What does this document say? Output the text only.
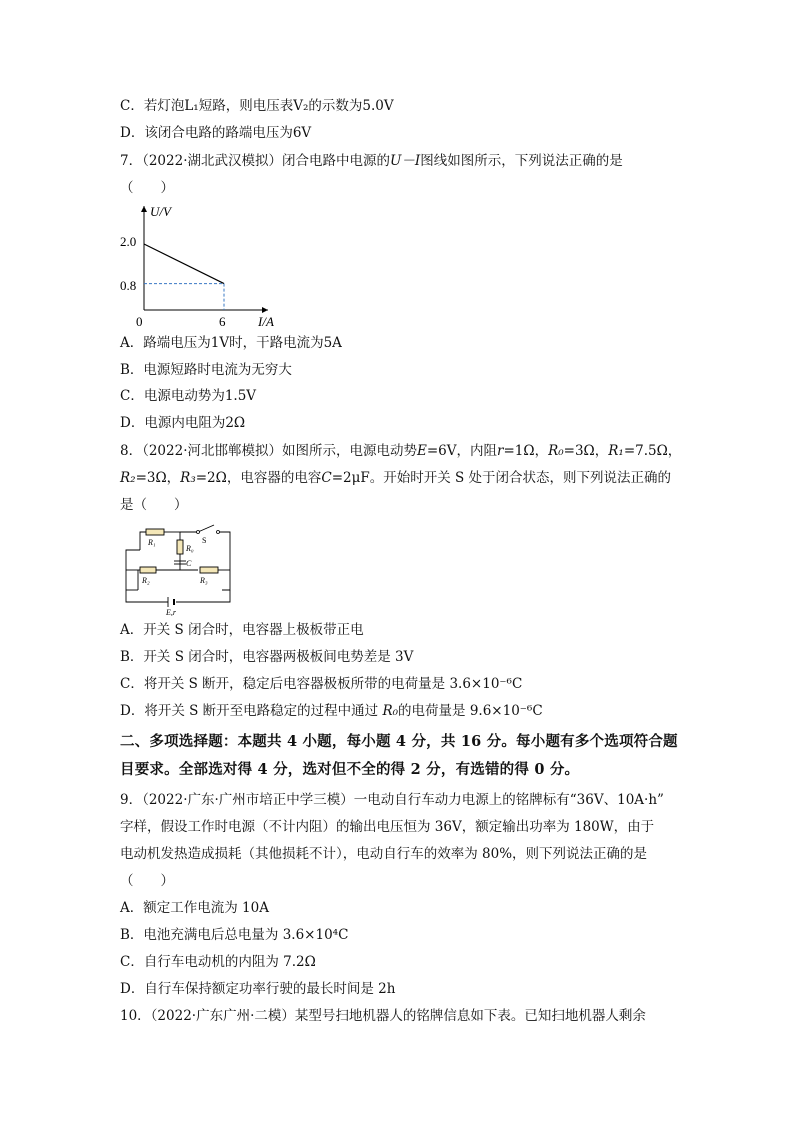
C．若灯泡L₁短路，则电压表V₂的示数为5.0V
D．该闭合电路的路端电压为6V
7．（2022·湖北武汉模拟）闭合电路中电源的U－I图线如图所示，下列说法正确的是
（　　）
U/V
I/A
2.0
0.8
0	6
A．路端电压为1V时，干路电流为5A
B．电源短路时电流为无穷大
C．电源电动势为1.5V
D．电源内电阻为2Ω
8．（2022·河北邯郸模拟）如图所示，电源电动势E=6V，内阻r=1Ω，R₀=3Ω，R₁=7.5Ω，
R₂=3Ω，R₃=2Ω，电容器的电容C=2μF。开始时开关 S 处于闭合状态，则下列说法正确的
是（　　）
R₁
R₀
C
S
R₂	R₃
E,r
A．开关 S 闭合时，电容器上极板带正电
B．开关 S 闭合时，电容器两极板间电势差是 3V
C．将开关 S 断开，稳定后电容器极板所带的电荷量是 3.6×10⁻⁶C
D．将开关 S 断开至电路稳定的过程中通过 R₀的电荷量是 9.6×10⁻⁶C
二、多项选择题：本题共 4 小题，每小题 4 分，共 16 分。每小题有多个选项符合题
目要求。全部选对得 4 分，选对但不全的得 2 分，有选错的得 0 分。
9．（2022·广东·广州市培正中学三模）一电动自行车动力电源上的铭牌标有“36V、10A·h”
字样，假设工作时电源（不计内阻）的输出电压恒为 36V，额定输出功率为 180W，由于
电动机发热造成损耗（其他损耗不计），电动自行车的效率为 80%，则下列说法正确的是
（　　）
A．额定工作电流为 10A
B．电池充满电后总电量为 3.6×10⁴C
C．自行车电动机的内阻为 7.2Ω
D．自行车保持额定功率行驶的最长时间是 2h
10．（2022·广东广州·二模）某型号扫地机器人的铭牌信息如下表。已知扫地机器人剩余
